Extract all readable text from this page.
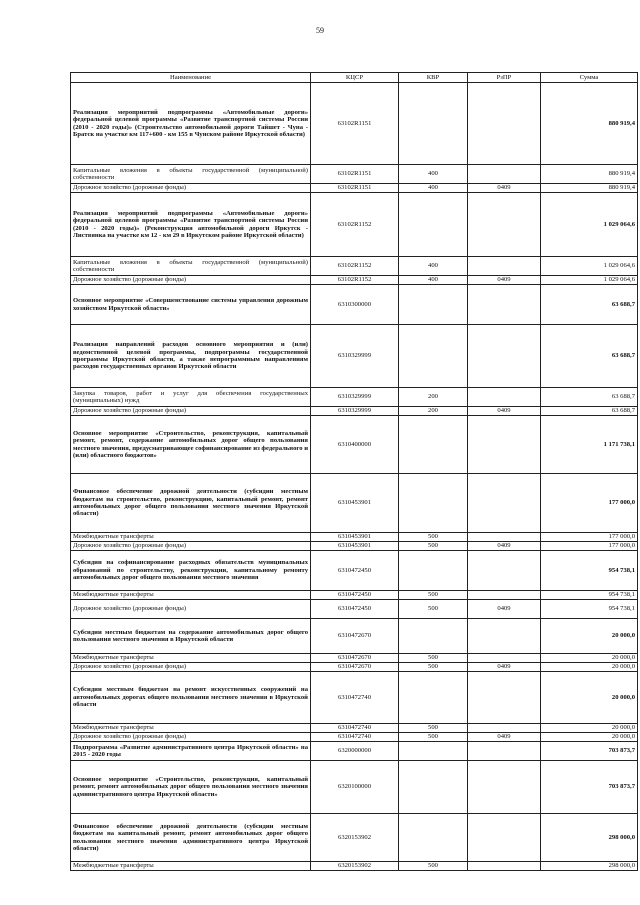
59
Наименование	КЦСР	КВР	РзПР	Сумма
Реализация мероприятий подпрограммы «Автомобильные дороги» федеральной целевой программы «Развитие транспортной системы России (2010 - 2020 годы)» (Строительство автомобильной дороги Тайшет - Чуна - Братск на участке км 117+600 - км 155 в Чунском районе Иркутской области)	63102R1151			880 919,4
Капитальные вложения в объекты государственной (муниципальной) собственности	63102R1151	400		880 919,4
Дорожное хозяйство (дорожные фонды)	63102R1151	400	0409	880 919,4
Реализация мероприятий подпрограммы «Автомобильные дороги» федеральной целевой программы «Развитие транспортной системы России (2010 - 2020 годы)» (Реконструкция автомобильной дороги Иркутск - Листвянка на участке км 12 - км 29 в Иркутском районе Иркутской области)	63102R1152			1 029 064,6
Капитальные вложения в объекты государственной (муниципальной) собственности	63102R1152	400		1 029 064,6
Дорожное хозяйство (дорожные фонды)	63102R1152	400	0409	1 029 064,6
Основное мероприятие «Совершенствование системы управления дорожным хозяйством Иркутской области»	6310300000			63 688,7
Реализация направлений расходов основного мероприятия и (или) ведомственной целевой программы, подпрограммы государственной программы Иркутской области, а также непрограммным направлениям расходов государственных органов Иркутской области	6310329999			63 688,7
Закупка товаров, работ и услуг для обеспечения государственных (муниципальных) нужд	6310329999	200		63 688,7
Дорожное хозяйство (дорожные фонды)	6310329999	200	0409	63 688,7
Основное мероприятие «Строительство, реконструкция, капитальный ремонт, ремонт, содержание автомобильных дорог общего пользования местного значения, предусматривающее софинансирование из федерального и (или) областного бюджетов»	6310400000			1 171 738,1
Финансовое обеспечение дорожной деятельности (субсидии местным бюджетам на строительство, реконструкцию, капитальный ремонт, ремонт автомобильных дорог общего пользования местного значения Иркутской области)	6310453901			177 000,0
Межбюджетные трансферты	6310453901	500		177 000,0
Дорожное хозяйство (дорожные фонды)	6310453901	500	0409	177 000,0
Субсидии на софинансирование расходных обязательств муниципальных образований по строительству, реконструкции, капитальному ремонту автомобильных дорог общего пользования местного значения	6310472450			954 738,1
Межбюджетные трансферты	6310472450	500		954 738,1
Дорожное хозяйство (дорожные фонды)	6310472450	500	0409	954 738,1
Субсидии местным бюджетам на содержание автомобильных дорог общего пользования местного значения в Иркутской области	6310472670			20 000,0
Межбюджетные трансферты	6310472670	500		20 000,0
Дорожное хозяйство (дорожные фонды)	6310472670	500	0409	20 000,0
Субсидии местным бюджетам на ремонт искусственных сооружений на автомобильных дорогах общего пользования местного значения в Иркутской области	6310472740			20 000,0
Межбюджетные трансферты	6310472740	500		20 000,0
Дорожное хозяйство (дорожные фонды)	6310472740	500	0409	20 000,0
Подпрограмма «Развитие административного центра Иркутской области» на 2015 - 2020 годы	6320000000			703 873,7
Основное мероприятие «Строительство, реконструкция, капитальный ремонт, ремонт автомобильных дорог общего пользования местного значения административного центра Иркутской области»	6320100000			703 873,7
Финансовое обеспечение дорожной деятельности (субсидии местным бюджетам на капитальный ремонт, ремонт автомобильных дорог общего пользования местного значения административного центра Иркутской области)	6320153902			298 000,0
Межбюджетные трансферты	6320153902	500		298 000,0
